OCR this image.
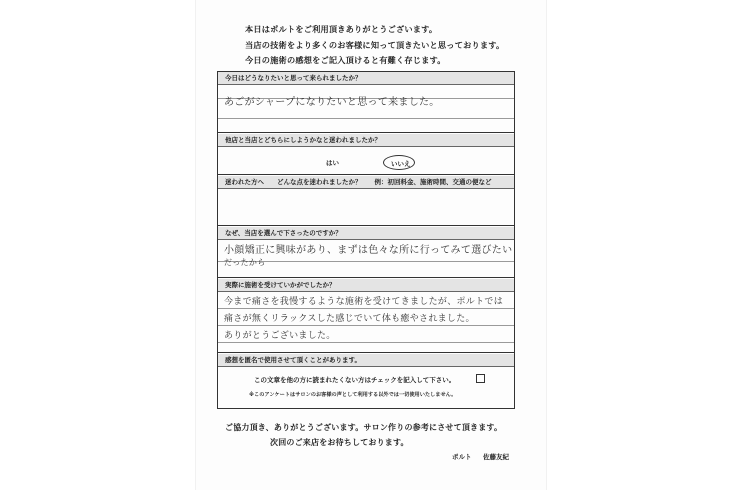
本日はポルトをご利用頂きありがとうございます。
当店の技術をより多くのお客様に知って頂きたいと思っております。
今日の施術の感想をご記入頂けると有難く存じます。
今日はどうなりたいと思って来られましたか？
あごがシャープになりたいと思って来ました。
他店と当店とどちらにしようかなと迷われましたか？
はい	いいえ
迷われた方へ　　どんな点を迷われましたか？　　例：初回料金、施術時間、交通の便など
なぜ、当店を選んで下さったのですか？
小顔矯正に興味があり、まずは色々な所に行ってみて選びたい
だったから
実際に施術を受けていかがでしたか？
今まで痛さを我慢するような施術を受けてきましたが、ポルトでは
痛さが無くリラックスした感じでいて体も癒やされました。
ありがとうございました。
感想を匿名で使用させて頂くことがあります。
この文章を他の方に読まれたくない方はチェックを記入して下さい。
※このアンケートはサロンのお客様の声として利用する以外では一切使用いたしません。
ご協力頂き、ありがとうございます。サロン作りの参考にさせて頂きます。
次回のご来店をお待ちしております。
ポルト 佐藤友紀
